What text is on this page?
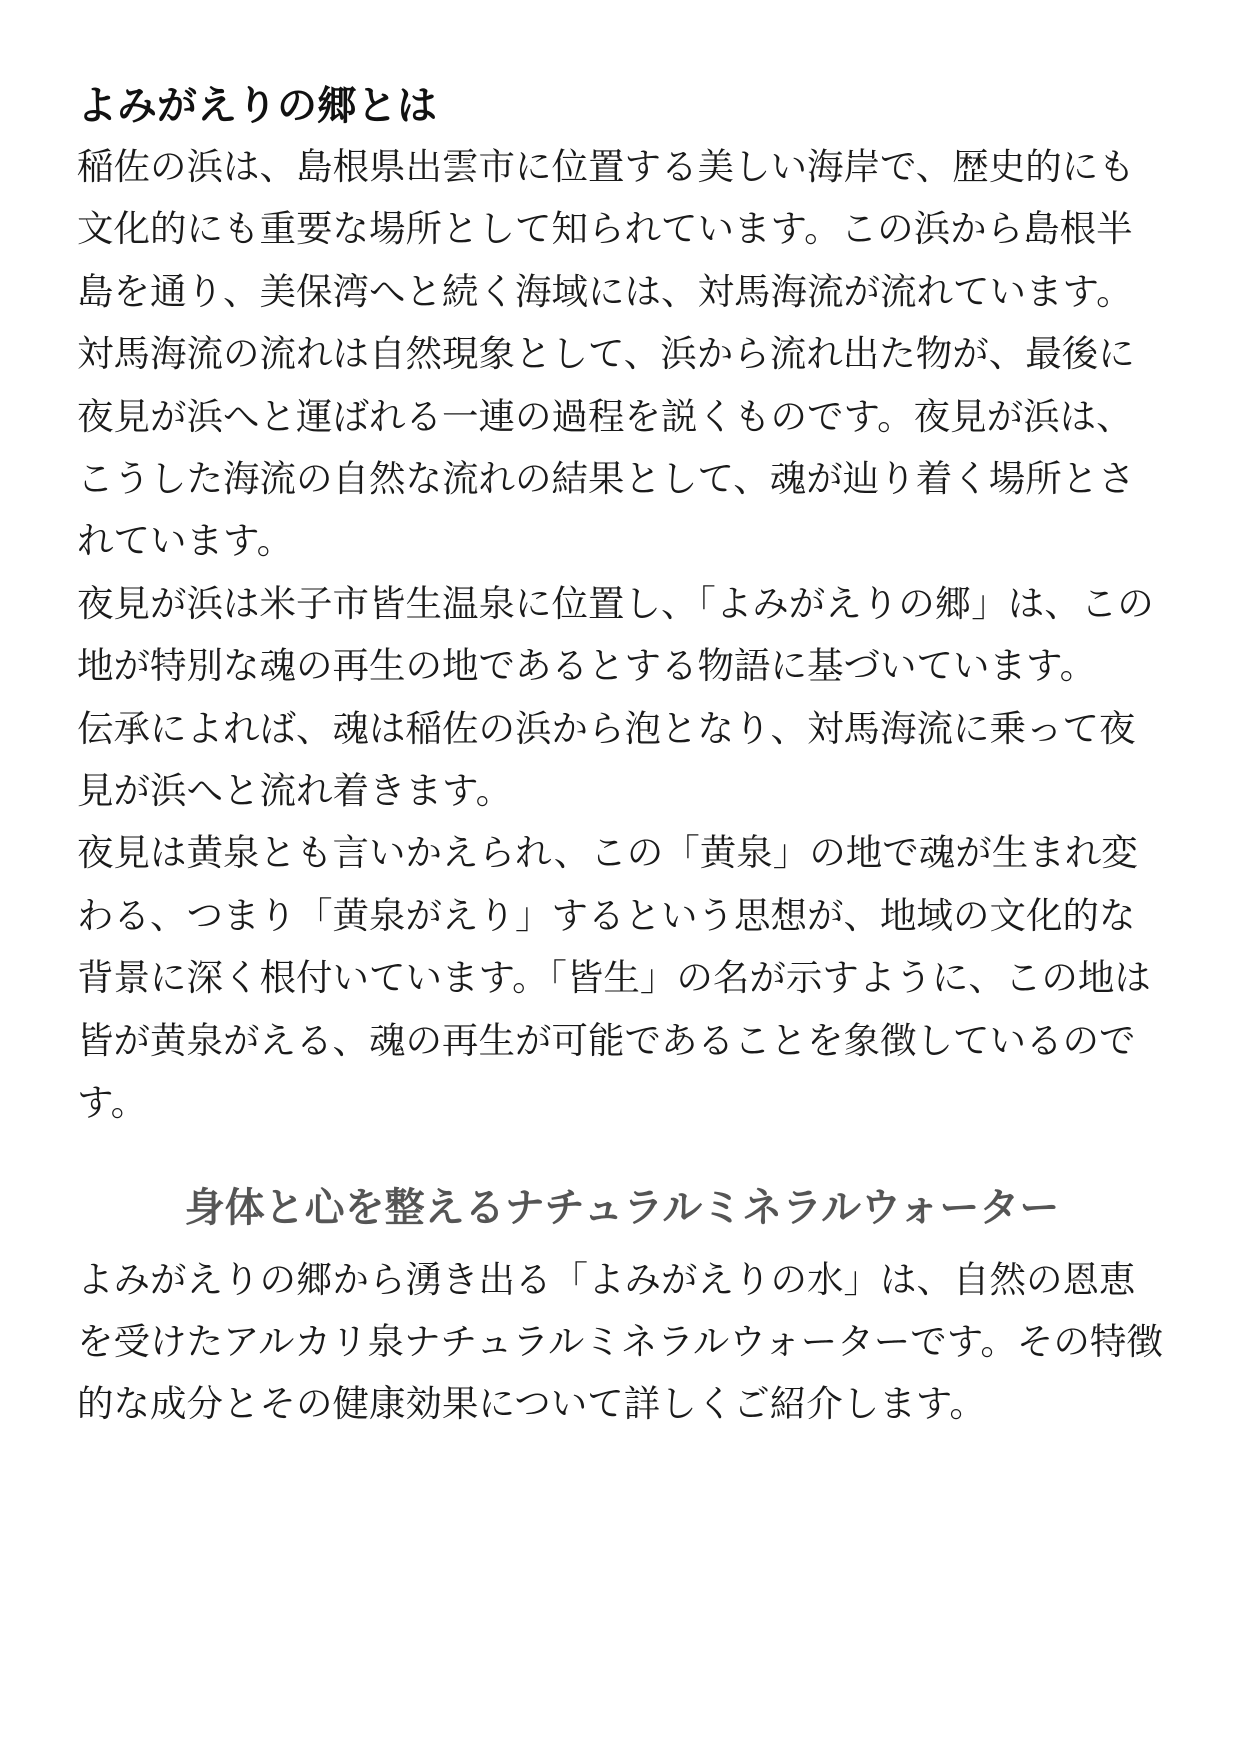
よみがえりの郷とは

稲佐の浜は、島根県出雲市に位置する美しい海岸で、歴史的にも文化的にも重要な場所として知られています。この浜から島根半島を通り、美保湾へと続く海域には、対馬海流が流れています。

対馬海流の流れは自然現象として、浜から流れ出た物が、最後に夜見が浜へと運ばれる一連の過程を説くものです。夜見が浜は、こうした海流の自然な流れの結果として、魂が辿り着く場所とされています。

夜見が浜は米子市皆生温泉に位置し、「よみがえりの郷」は、この地が特別な魂の再生の地であるとする物語に基づいています。

伝承によれば、魂は稲佐の浜から泡となり、対馬海流に乗って夜見が浜へと流れ着きます。

夜見は黄泉とも言いかえられ、この「黄泉」の地で魂が生まれ変わる、つまり「黄泉がえり」するという思想が、地域の文化的な背景に深く根付いています。「皆生」の名が示すように、この地は皆が黄泉がえる、魂の再生が可能であることを象徴しているのです。

身体と心を整えるナチュラルミネラルウォーター

よみがえりの郷から湧き出る「よみがえりの水」は、自然の恩恵を受けたアルカリ泉ナチュラルミネラルウォーターです。その特徴的な成分とその健康効果について詳しくご紹介します。
